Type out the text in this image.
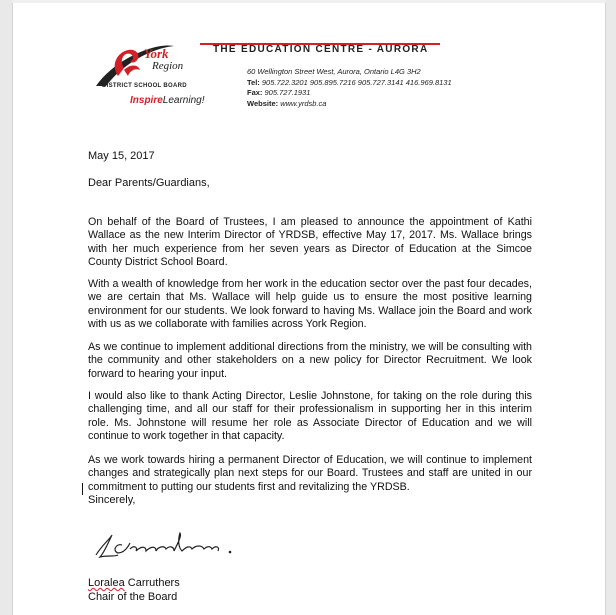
York
Region
DISTRICT SCHOOL BOARD
InspireLearning!
THE EDUCATION CENTRE - AURORA
60 Wellington Street West, Aurora, Ontario L4G 3H2
Tel: 905.722.3201 905.895.7216 905.727.3141 416.969.8131
Fax: 905.727.1931
Website: www.yrdsb.ca
May 15, 2017
Dear Parents/Guardians,

On behalf of the Board of Trustees, I am pleased to announce the appointment of Kathi Wallace as the new Interim Director of YRDSB, effective May 17, 2017. Ms. Wallace brings with her much experience from her seven years as Director of Education at the Simcoe County District School Board.

With a wealth of knowledge from her work in the education sector over the past four decades, we are certain that Ms. Wallace will help guide us to ensure the most positive learning environment for our students. We look forward to having Ms. Wallace join the Board and work with us as we collaborate with families across York Region.

As we continue to implement additional directions from the ministry, we will be consulting with the community and other stakeholders on a new policy for Director Recruitment. We look forward to hearing your input.

I would also like to thank Acting Director, Leslie Johnstone, for taking on the role during this challenging time, and all our staff for their professionalism in supporting her in this interim role. Ms. Johnstone will resume her role as Associate Director of Education and we will continue to work together in that capacity.

As we work towards hiring a permanent Director of Education, we will continue to implement changes and strategically plan next steps for our Board. Trustees and staff are united in our commitment to putting our students first and revitalizing the YRDSB.

Sincerely,
Loralea Carruthers
Chair of the Board
